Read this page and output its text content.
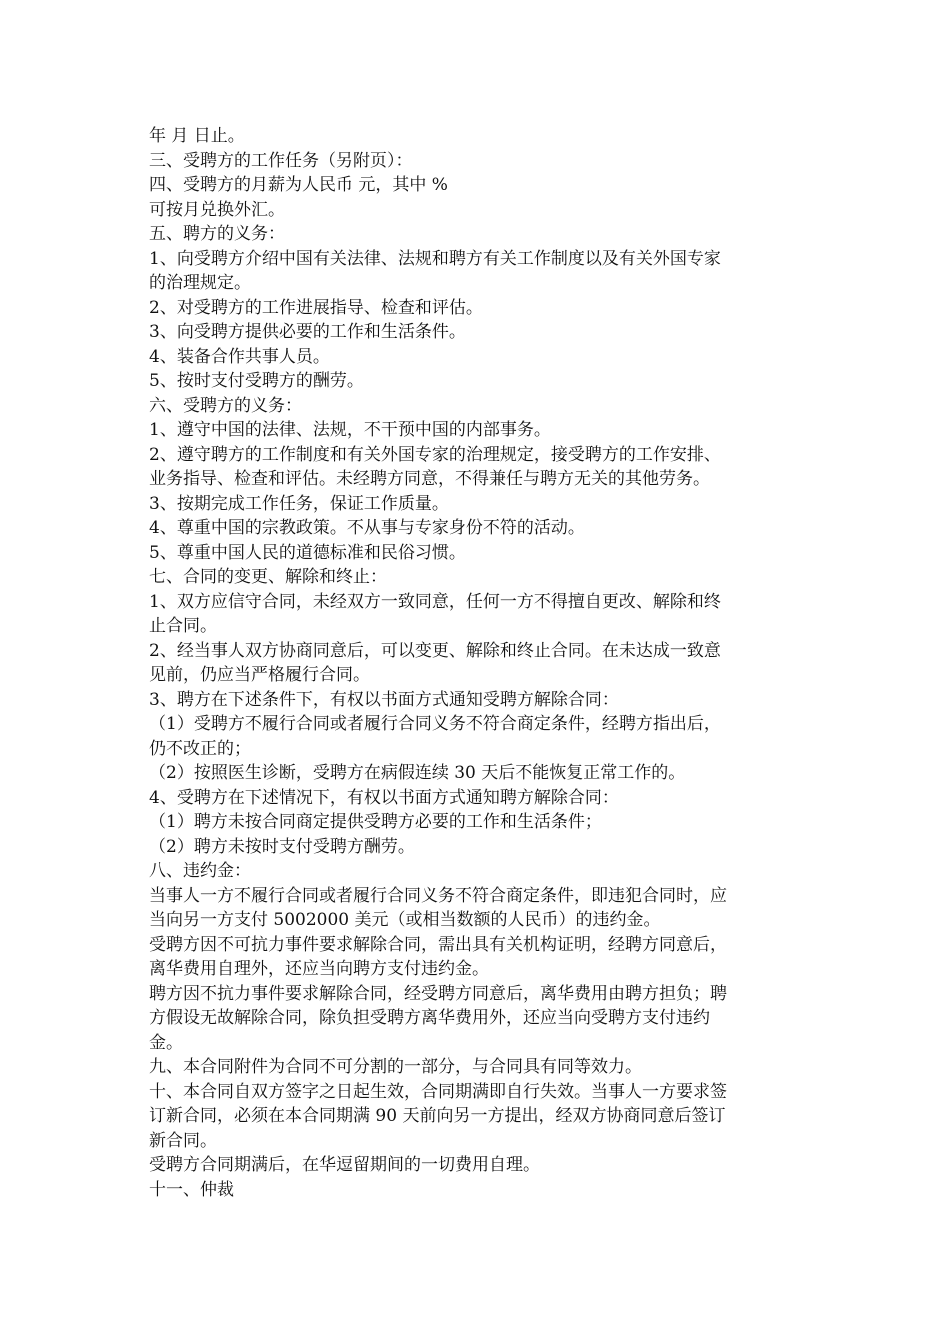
年 月 日止。

三、受聘方的工作任务（另附页）：

四、受聘方的月薪为人民币 元，其中 %

可按月兑换外汇。

五、聘方的义务：

1、向受聘方介绍中国有关法律、法规和聘方有关工作制度以及有关外国专家

的治理规定。

2、对受聘方的工作进展指导、检查和评估。

3、向受聘方提供必要的工作和生活条件。

4、装备合作共事人员。

5、按时支付受聘方的酬劳。

六、受聘方的义务：

1、遵守中国的法律、法规，不干预中国的内部事务。

2、遵守聘方的工作制度和有关外国专家的治理规定，接受聘方的工作安排、

业务指导、检查和评估。未经聘方同意，不得兼任与聘方无关的其他劳务。

3、按期完成工作任务，保证工作质量。

4、尊重中国的宗教政策。不从事与专家身份不符的活动。

5、尊重中国人民的道德标准和民俗习惯。

七、合同的变更、解除和终止：

1、双方应信守合同，未经双方一致同意，任何一方不得擅自更改、解除和终

止合同。

2、经当事人双方协商同意后，可以变更、解除和终止合同。在未达成一致意

见前，仍应当严格履行合同。

3、聘方在下述条件下，有权以书面方式通知受聘方解除合同：

（1）受聘方不履行合同或者履行合同义务不符合商定条件，经聘方指出后，

仍不改正的；

（2）按照医生诊断，受聘方在病假连续 30 天后不能恢复正常工作的。

4、受聘方在下述情况下，有权以书面方式通知聘方解除合同：

（1）聘方未按合同商定提供受聘方必要的工作和生活条件；

（2）聘方未按时支付受聘方酬劳。

八、违约金：

当事人一方不履行合同或者履行合同义务不符合商定条件，即违犯合同时，应

当向另一方支付 5002000 美元（或相当数额的人民币）的违约金。

受聘方因不可抗力事件要求解除合同，需出具有关机构证明，经聘方同意后，

离华费用自理外，还应当向聘方支付违约金。

聘方因不抗力事件要求解除合同，经受聘方同意后，离华费用由聘方担负；聘

方假设无故解除合同，除负担受聘方离华费用外，还应当向受聘方支付违约

金。

九、本合同附件为合同不可分割的一部分，与合同具有同等效力。

十、本合同自双方签字之日起生效，合同期满即自行失效。当事人一方要求签

订新合同，必须在本合同期满 90 天前向另一方提出，经双方协商同意后签订

新合同。

受聘方合同期满后，在华逗留期间的一切费用自理。

十一、仲裁
